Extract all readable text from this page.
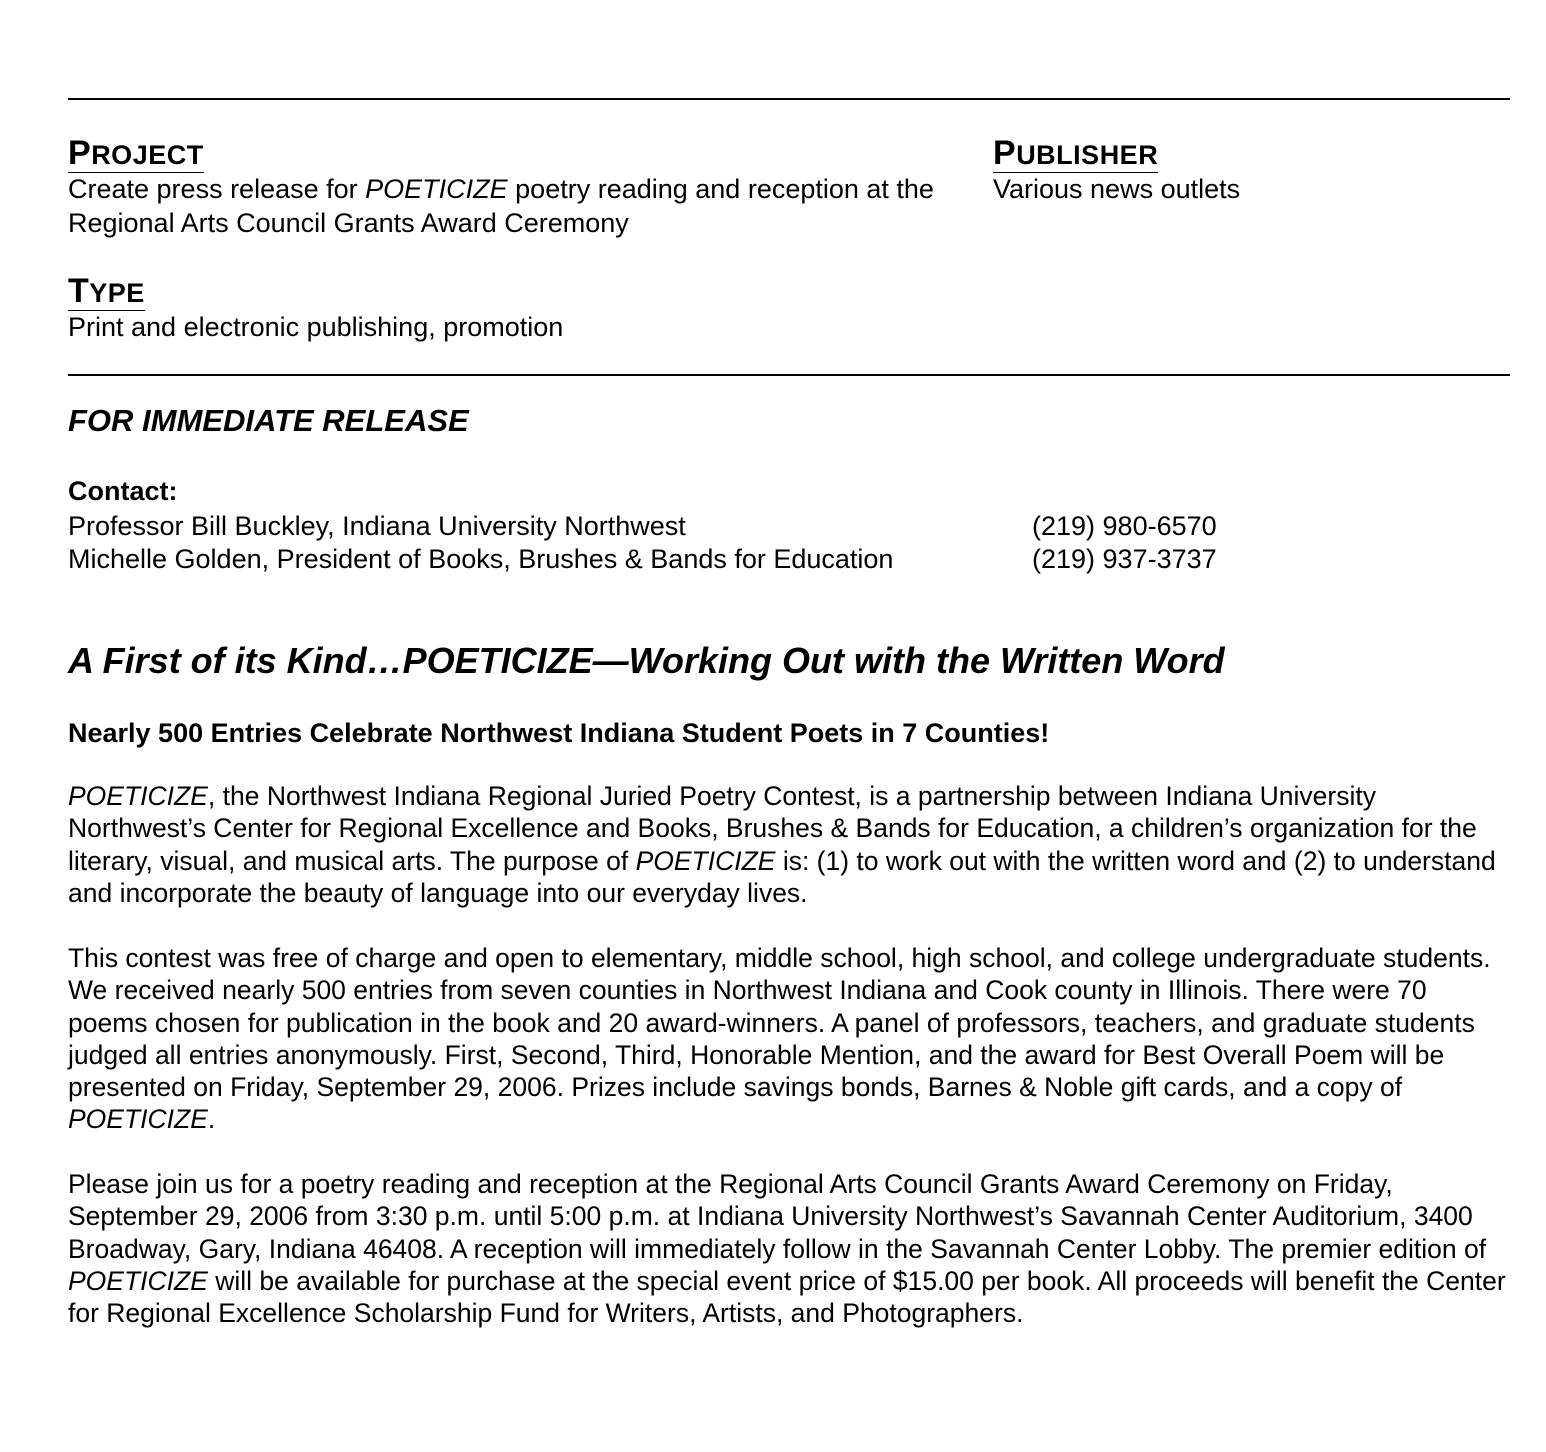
PROJECT
Create press release for POETICIZE poetry reading and reception at the Regional Arts Council Grants Award Ceremony
PUBLISHER
Various news outlets
TYPE
Print and electronic publishing, promotion
FOR IMMEDIATE RELEASE
Contact:
Professor Bill Buckley, Indiana University Northwest	(219) 980-6570
Michelle Golden, President of Books, Brushes & Bands for Education	(219) 937-3737
A First of its Kind…POETICIZE—Working Out with the Written Word
Nearly 500 Entries Celebrate Northwest Indiana Student Poets in 7 Counties!

POETICIZE, the Northwest Indiana Regional Juried Poetry Contest, is a partnership between Indiana University Northwest’s Center for Regional Excellence and Books, Brushes & Bands for Education, a children’s organization for the literary, visual, and musical arts. The purpose of POETICIZE is: (1) to work out with the written word and (2) to understand and incorporate the beauty of language into our everyday lives.

This contest was free of charge and open to elementary, middle school, high school, and college undergraduate students. We received nearly 500 entries from seven counties in Northwest Indiana and Cook county in Illinois. There were 70 poems chosen for publication in the book and 20 award-winners. A panel of professors, teachers, and graduate students judged all entries anonymously. First, Second, Third, Honorable Mention, and the award for Best Overall Poem will be presented on Friday, September 29, 2006. Prizes include savings bonds, Barnes & Noble gift cards, and a copy of POETICIZE.

Please join us for a poetry reading and reception at the Regional Arts Council Grants Award Ceremony on Friday, September 29, 2006 from 3:30 p.m. until 5:00 p.m. at Indiana University Northwest’s Savannah Center Auditorium, 3400 Broadway, Gary, Indiana 46408. A reception will immediately follow in the Savannah Center Lobby. The premier edition of POETICIZE will be available for purchase at the special event price of $15.00 per book. All proceeds will benefit the Center for Regional Excellence Scholarship Fund for Writers, Artists, and Photographers.
